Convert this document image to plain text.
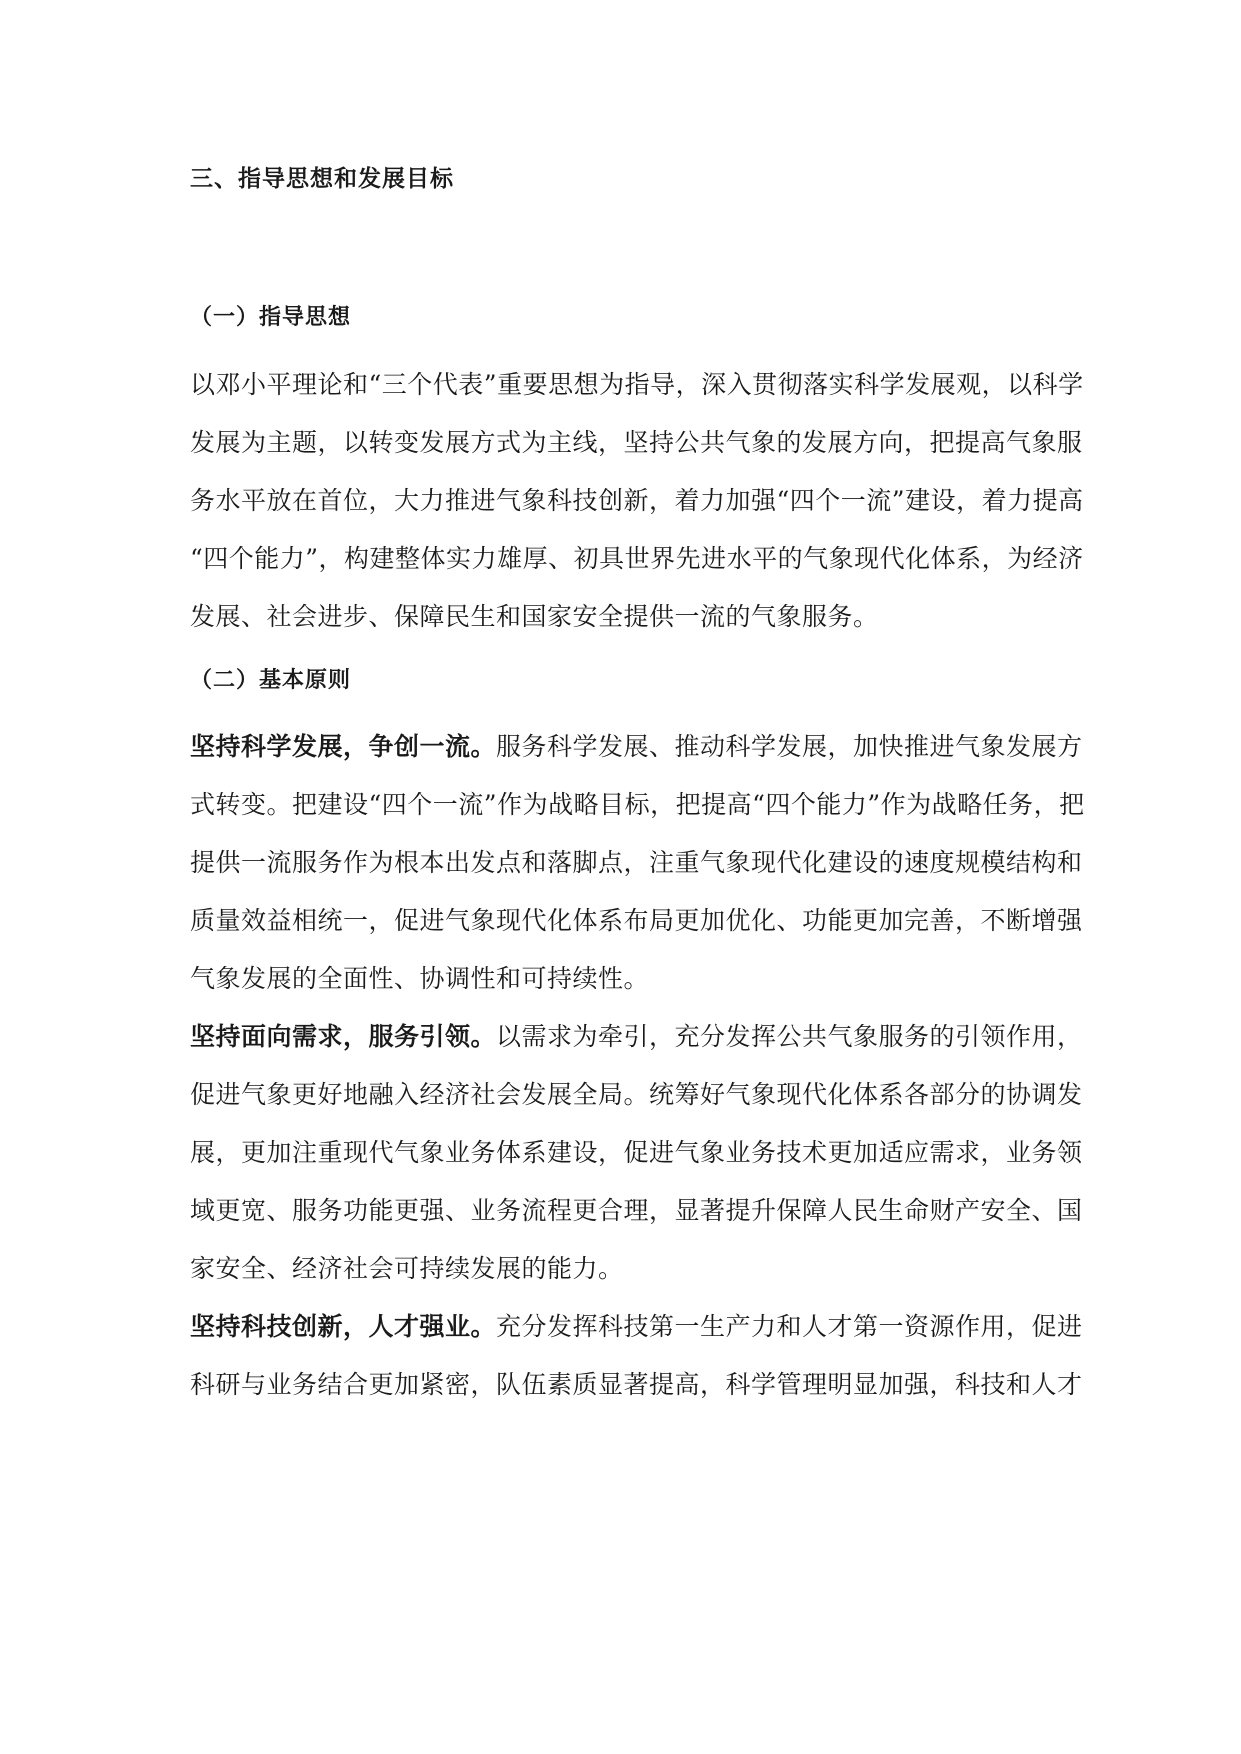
三、指导思想和发展目标
（一）指导思想
以邓小平理论和“三个代表”重要思想为指导，深入贯彻落实科学发展观，以科学
发展为主题，以转变发展方式为主线，坚持公共气象的发展方向，把提高气象服
务水平放在首位，大力推进气象科技创新，着力加强“四个一流”建设，着力提高
“四个能力”，构建整体实力雄厚、初具世界先进水平的气象现代化体系，为经济
发展、社会进步、保障民生和国家安全提供一流的气象服务。
（二）基本原则
坚持科学发展，争创一流。服务科学发展、推动科学发展，加快推进气象发展方
式转变。把建设“四个一流”作为战略目标，把提高“四个能力”作为战略任务，把
提供一流服务作为根本出发点和落脚点，注重气象现代化建设的速度规模结构和
质量效益相统一，促进气象现代化体系布局更加优化、功能更加完善，不断增强
气象发展的全面性、协调性和可持续性。
坚持面向需求，服务引领。以需求为牵引，充分发挥公共气象服务的引领作用，
促进气象更好地融入经济社会发展全局。统筹好气象现代化体系各部分的协调发
展，更加注重现代气象业务体系建设，促进气象业务技术更加适应需求，业务领
域更宽、服务功能更强、业务流程更合理，显著提升保障人民生命财产安全、国
家安全、经济社会可持续发展的能力。
坚持科技创新，人才强业。充分发挥科技第一生产力和人才第一资源作用，促进
科研与业务结合更加紧密，队伍素质显著提高，科学管理明显加强，科技和人才
